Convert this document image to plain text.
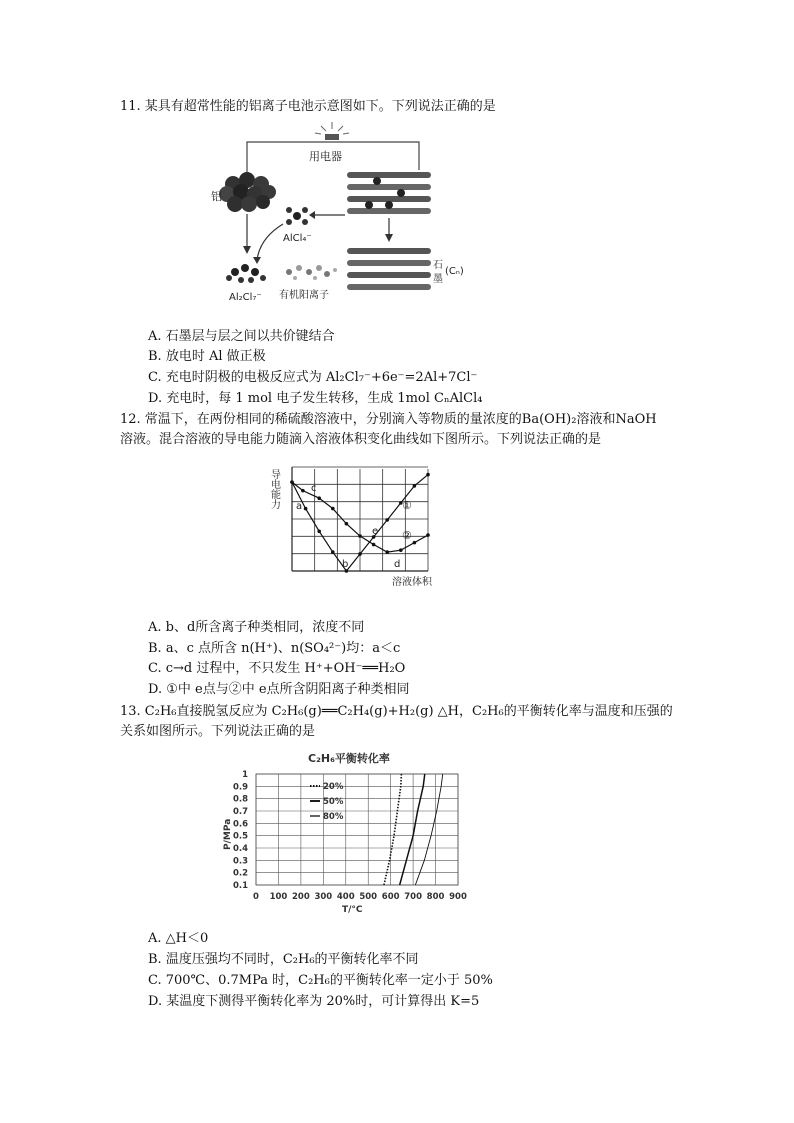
11. 某具有超常性能的铝离子电池示意图如下。下列说法正确的是
用电器
铝
AlCl₄⁻
Al₂Cl₇⁻ 有机阳离子
石
墨
(Cₙ)
A. 石墨层与层之间以共价键结合
B. 放电时 Al 做正极
C. 充电时阴极的电极反应式为 Al₂Cl₇⁻+6e⁻=2Al+7Cl⁻
D. 充电时，每 1 mol 电子发生转移，生成 1mol CₙAlCl₄
12. 常温下，在两份相同的稀硫酸溶液中，分别滴入等物质的量浓度的Ba(OH)₂溶液和NaOH
溶液。混合溶液的导电能力随滴入溶液体积变化曲线如下图所示。下列说法正确的是
导电能力
溶液体积
a
b
c
d
e
①
②
A. b、d所含离子种类相同，浓度不同
B. a、c 点所含 n(H⁺)、n(SO₄²⁻)均：a＜c
C. c→d 过程中，不只发生 H⁺+OH⁻══H₂O
D. ①中 e点与②中 e点所含阴阳离子种类相同
13. C₂H₆直接脱氢反应为 C₂H₆(g)══C₂H₄(g)+H₂(g) △H，C₂H₆的平衡转化率与温度和压强的
关系如图所示。下列说法正确的是
C₂H₆平衡转化率
0 100 200 300 400 500 600 700 800 900
0.1
0.2
0.3
0.4
0.5
0.6
0.7
0.8
0.9
1
P/MPa
T/°C
20%
50%
80%
A. △H＜0
B. 温度压强均不同时，C₂H₆的平衡转化率不同
C. 700℃、0.7MPa 时，C₂H₆的平衡转化率一定小于 50%
D. 某温度下测得平衡转化率为 20%时，可计算得出 K=5
